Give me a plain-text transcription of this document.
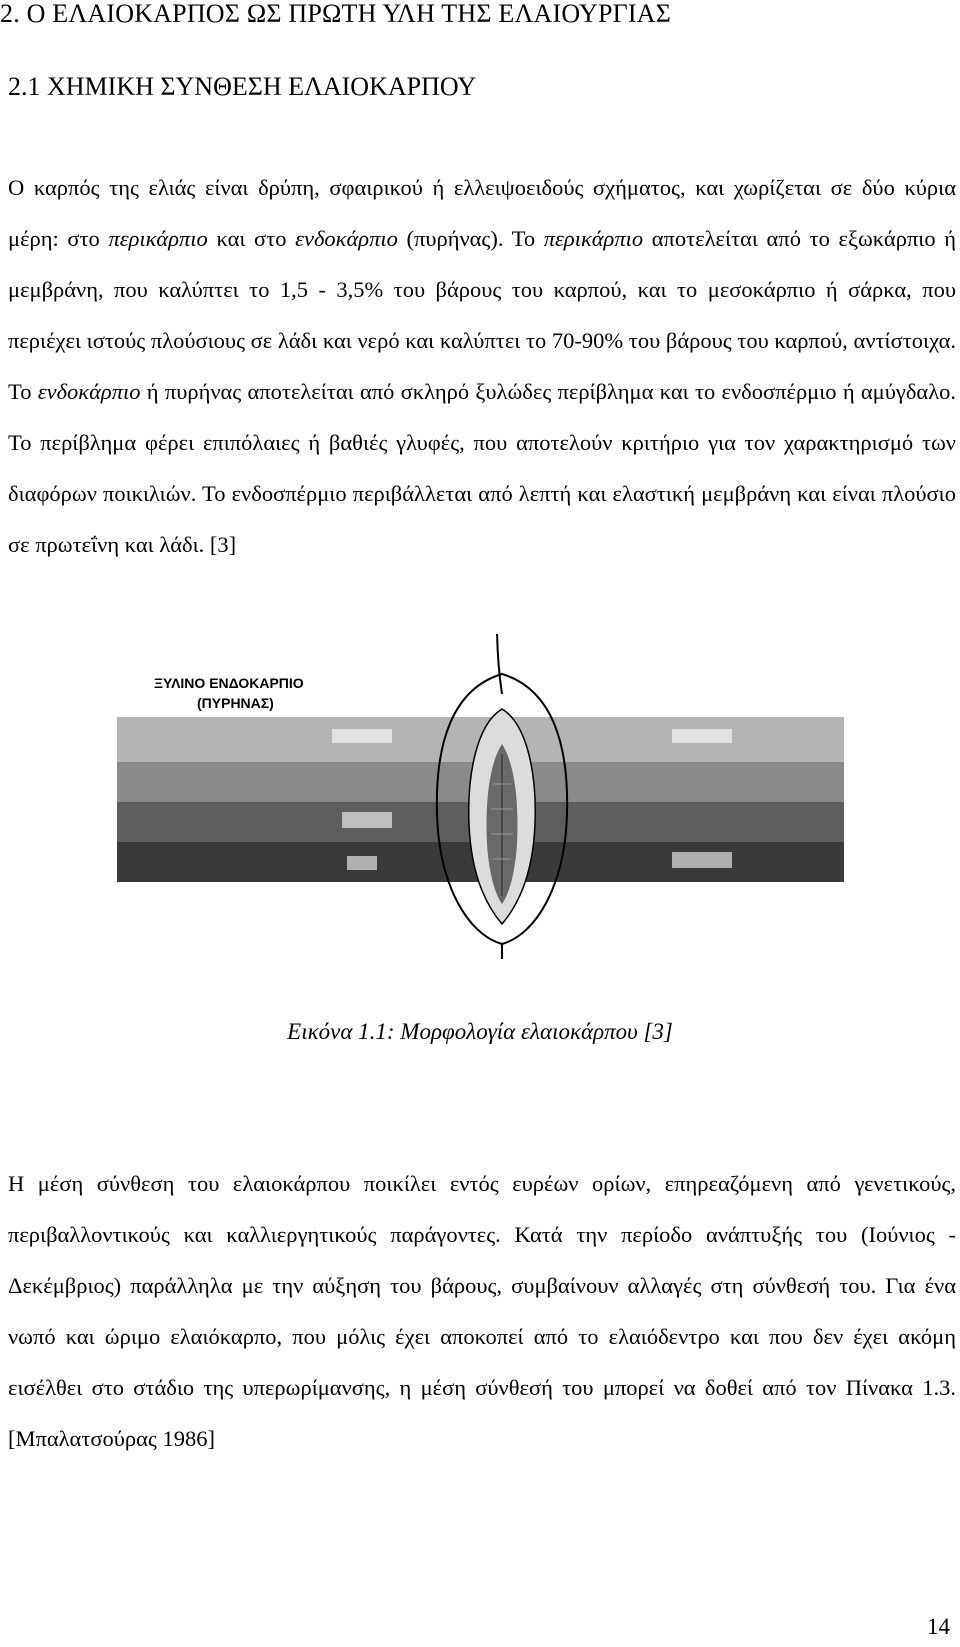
2. Ο ΕΛΑΙΟΚΑΡΠΟΣ ΩΣ ΠΡΩΤΗ ΥΛΗ ΤΗΣ ΕΛΑΙΟΥΡΓΙΑΣ
2.1 ΧΗΜΙΚΗ ΣΥΝΘΕΣΗ ΕΛΑΙΟΚΑΡΠΟΥ

Ο καρπός της ελιάς είναι δρύπη, σφαιρικού ή ελλειψοειδούς σχήματος, και χωρίζεται σε δύο κύρια μέρη: στο περικάρπιο και στο ενδοκάρπιο (πυρήνας). Το περικάρπιο αποτελείται από το εξωκάρπιο ή μεμβράνη, που καλύπτει το 1,5 - 3,5% του βάρους του καρπού, και το μεσοκάρπιο ή σάρκα, που περιέχει ιστούς πλούσιους σε λάδι και νερό και καλύπτει το 70-90% του βάρους του καρπού, αντίστοιχα. Το ενδοκάρπιο ή πυρήνας αποτελείται από σκληρό ξυλώδες περίβλημα και το ενδοσπέρμιο ή αμύγδαλο. Το περίβλημα φέρει επιπόλαιες ή βαθιές γλυφές, που αποτελούν κριτήριο για τον χαρακτηρισμό των διαφόρων ποικιλιών. Το ενδοσπέρμιο περιβάλλεται από λεπτή και ελαστική μεμβράνη και είναι πλούσιο σε πρωτεΐνη και λάδι. [3]

ΞΥΛΙΝΟ ΕΝΔΟΚΑΡΠΙΟ
(ΠΥΡΗΝΑΣ)
Εικόνα 1.1: Μορφολογία ελαιοκάρπου [3]

Η μέση σύνθεση του ελαιοκάρπου ποικίλει εντός ευρέων ορίων, επηρεαζόμενη από γενετικούς, περιβαλλοντικούς και καλλιεργητικούς παράγοντες. Κατά την περίοδο ανάπτυξής του (Ιούνιος - Δεκέμβριος) παράλληλα με την αύξηση του βάρους, συμβαίνουν αλλαγές στη σύνθεσή του. Για ένα νωπό και ώριμο ελαιόκαρπο, που μόλις έχει αποκοπεί από το ελαιόδεντρο και που δεν έχει ακόμη εισέλθει στο στάδιο της υπερωρίμανσης, η μέση σύνθεσή του μπορεί να δοθεί από τον Πίνακα 1.3. [Μπαλατσούρας 1986]

14
